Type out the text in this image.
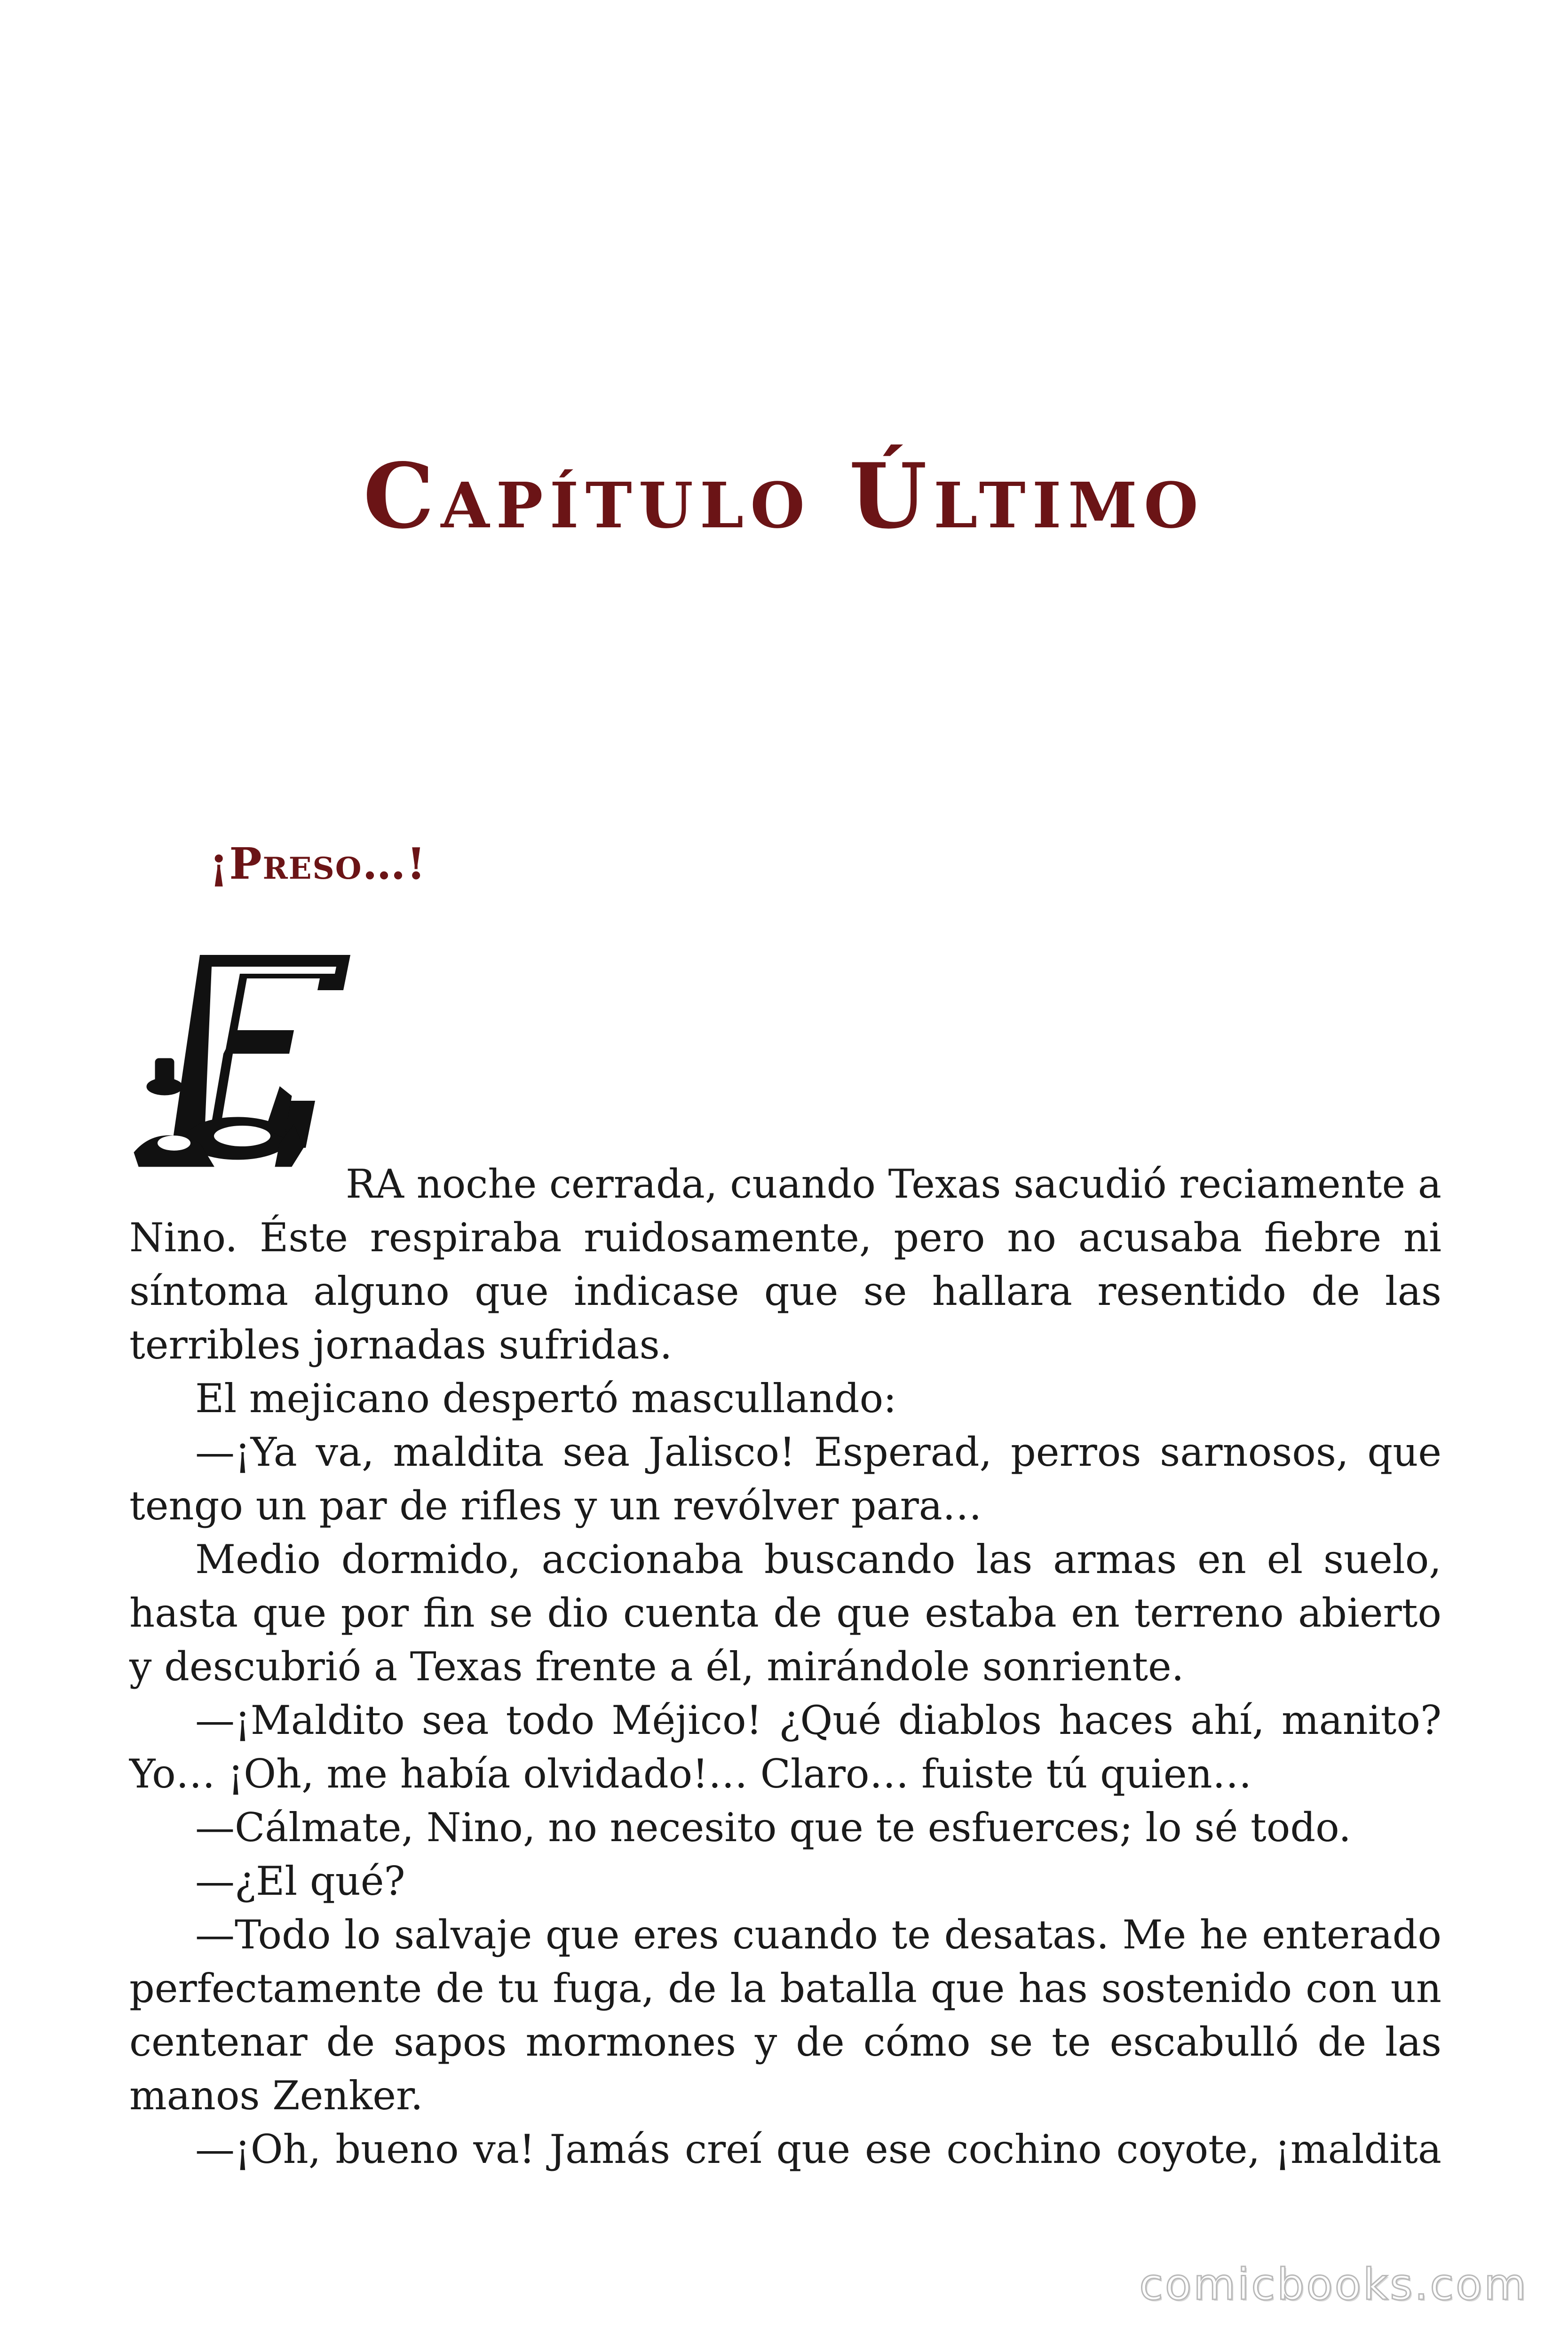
Capítulo Último
¡Preso…!

RA noche cerrada, cuando Texas sacudió reciamente a
Nino. Éste respiraba ruidosamente, pero no acusaba fiebre ni síntoma alguno que indicase que se hallara resentido de las terribles jornadas sufridas.

El mejicano despertó mascullando:

—¡Ya va, maldita sea Jalisco! Esperad, perros sarnosos, que tengo un par de rifles y un revólver para…

Medio dormido, accionaba buscando las armas en el suelo, hasta que por fin se dio cuenta de que estaba en terreno abierto y descubrió a Texas frente a él, mirándole sonriente.

—¡Maldito sea todo Méjico! ¿Qué diablos haces ahí, manito? Yo… ¡Oh, me había olvidado!… Claro… fuiste tú quien…

—Cálmate, Nino, no necesito que te esfuerces; lo sé todo.

—¿El qué?

—Todo lo salvaje que eres cuando te desatas. Me he enterado perfectamente de tu fuga, de la batalla que has sostenido con un centenar de sapos mormones y de cómo se te escabulló de las manos Zenker.

—¡Oh, bueno va! Jamás creí que ese cochino coyote, ¡maldita

comicbooks.com
